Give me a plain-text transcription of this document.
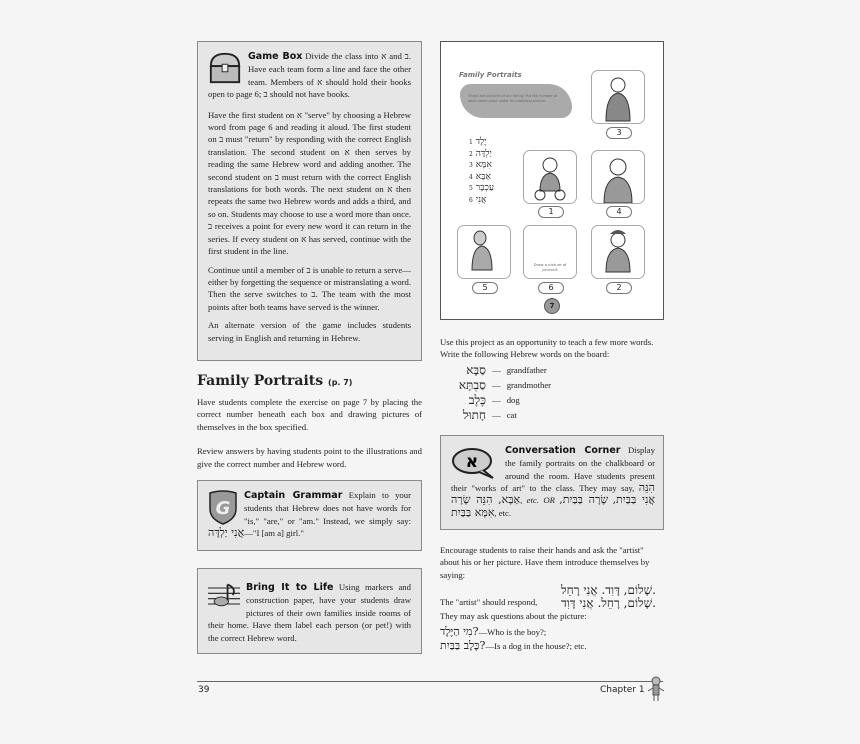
Game Box Divide the class into א and ב. Have each team form a line and face the other team. Members of א should hold their books open to page 6; ב should not have books.

Have the first student on א "serve" by choosing a Hebrew word from page 6 and reading it aloud. The first student on ב must "return" by responding with the correct English translation. The second student on א then serves by reading the same Hebrew word and adding another. The second student on ב must return with the correct English translations for both words. The next student on א then repeats the same two Hebrew words and adds a third, and so on. Students may choose to use a word more than once. ב receives a point for every new word it can return in the series. If every student on א has served, continue with the first student in the line.

Continue until a member of ב is unable to return a serve—either by forgetting the sequence or mistranslating a word. Then the serve switches to ב. The team with the most points after both teams have served is the winner.

An alternate version of the game includes students serving in English and returning in Hebrew.

Family Portraits (p. 7)

Have students complete the exercise on page 7 by placing the correct number beneath each box and drawing pictures of themselves in the box specified.

Review answers by having students point to the illustrations and give the correct number and Hebrew word.

G
Captain Grammar Explain to your students that Hebrew does not have words for "is," "are," or "am." Instead, we simply say: אֲנִי יַלְדָּה—"I [am a] girl."

Bring It to Life Using markers and construction paper, have your students draw pictures of their own families inside rooms of their home. Have them label each person (or pet!) with the correct Hebrew word.

Family Portraits
These are pictures of our family. Put the number of each name plate under its matching picture.
יֶלֶד 1
יַלְדָּה 2
אִמָּא 3
אַבָּא 4
עַכְבָּר 5
אֲנִי 6
3
1	4
5
Draw a picture of yourself.
6	2
7

Use this project as an opportunity to teach a few more words. Write the following Hebrew words on the board:

סַבָּא — grandfather
סַבְתָּא — grandmother
כֶּלֶב — dog
חָתוּל — cat

א
Conversation Corner Display the family portraits on the chalkboard or around the room. Have students present their "works of art" to the class. They may say, הִנֵּה אַבָּא, הִנֵּה שָׂרָה, etc. OR	אֲנִי בַּבַּיִת, שָׂרָה בַּבַּיִת, אִמָּא בַּבַּיִת, etc.

Encourage students to raise their hands and ask the "artist" about his or her picture. Have them introduce themselves by saying:

שָׁלוֹם, דָּוִד. אֲנִי רָחֵל.
The "artist" should respond, שָׁלוֹם, רָחֵל. אֲנִי דָּוִד.

They may ask questions about the picture:

מִי הַיֶּלֶד?—Who is the boy?;
כֶּלֶב בַּבַּיִת?—Is a dog in the house?; etc.
39	Chapter 1
